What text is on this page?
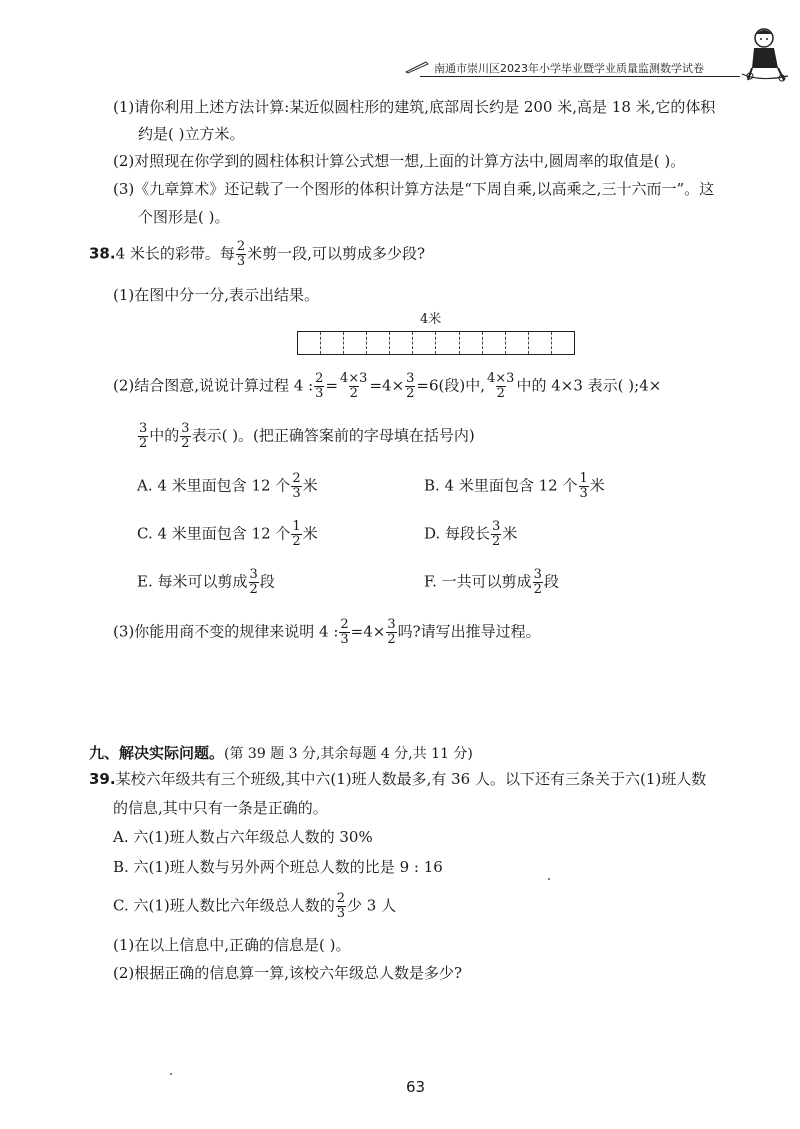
南通市崇川区2023年小学毕业暨学业质量监测数学试卷
(1)请你利用上述方法计算:某近似圆柱形的建筑,底部周长约是 200 米,高是 18 米,它的体积
约是( )立方米。
(2)对照现在你学到的圆柱体积计算公式想一想,上面的计算方法中,圆周率的取值是( )。
(3)《九章算术》还记载了一个图形的体积计算方法是“下周自乘,以高乘之,三十六而一”。这
个图形是( )。
38.4 米长的彩带。每 $\frac{2}{3}$ 米剪一段,可以剪成多少段?
(1)在图中分一分,表示出结果。
4米
(2)结合图意,说说计算过程 4 : $\frac{2}{3} = \frac{4\times 3}{2} =4\times \frac{3}{2} =6$(段)中, $\frac{4\times 3}{2}$ 中的 4×3 表示( );4×
$\frac{3}{2}$ 中的 $\frac{3}{2}$ 表示( )。(把正确答案前的字母填在括号内)
A. 4 米里面包含 12 个 $\frac{2}{3}$ 米	B. 4 米里面包含 12 个 $\frac{1}{3}$ 米
C. 4 米里面包含 12 个 $\frac{1}{2}$ 米	D. 每段长 $\frac{3}{2}$ 米
E. 每米可以剪成 $\frac{3}{2}$ 段	F. 一共可以剪成 $\frac{3}{2}$ 段
(3)你能用商不变的规律来说明 4 : $\frac{2}{3} =4\times \frac{3}{2}$ 吗?请写出推导过程。
九、解决实际问题。(第 39 题 3 分,其余每题 4 分,共 11 分)
39.某校六年级共有三个班级,其中六(1)班人数最多,有 36 人。以下还有三条关于六(1)班人数
的信息,其中只有一条是正确的。
A. 六(1)班人数占六年级总人数的 30%
B. 六(1)班人数与另外两个班总人数的比是 9 : 16
C. 六(1)班人数比六年级总人数的 $\frac{2}{3}$ 少 3 人
(1)在以上信息中,正确的信息是( )。
(2)根据正确的信息算一算,该校六年级总人数是多少?
63
